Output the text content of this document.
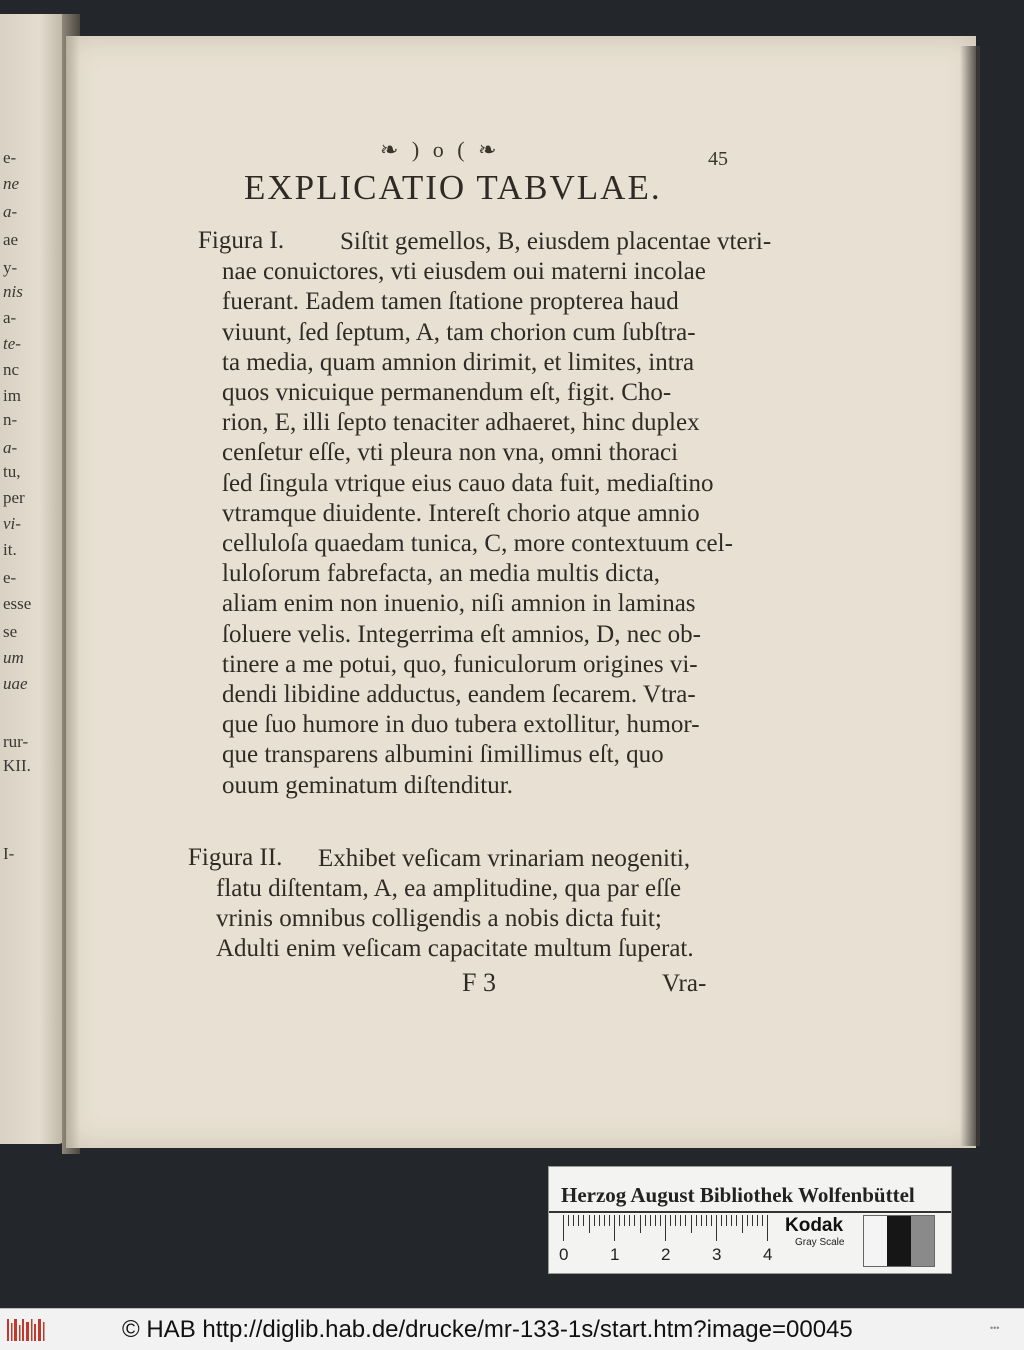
e-
ne
a-
ae
y-
nis
a-
te-
nc
im
n-
a-
tu,
per
vi-
it.
e-
esse
se
um
uae
rur-
KII.
I-
❧ ) o ( ❧	45
EXPLICATIO TABVLAE.
Figura I. Siſtit gemellos, B, eiusdem placentae vteri-
nae conuictores, vti eiusdem oui materni incolae
fuerant. Eadem tamen ſtatione propterea haud
viuunt, ſed ſeptum, A, tam chorion cum ſubſtra-
ta media, quam amnion dirimit, et limites, intra
quos vnicuique permanendum eſt, figit. Cho-
rion, E, illi ſepto tenaciter adhaeret, hinc duplex
cenſetur eſſe, vti pleura non vna, omni thoraci
ſed ſingula vtrique eius cauo data fuit, mediaſtino
vtramque diuidente. Intereſt chorio atque amnio
celluloſa quaedam tunica, C, more contextuum cel-
luloſorum fabrefacta, an media multis dicta,
aliam enim non inuenio, niſi amnion in laminas
ſoluere velis. Integerrima eſt amnios, D, nec ob-
tinere a me potui, quo, funiculorum origines vi-
dendi libidine adductus, eandem ſecarem. Vtra-
que ſuo humore in duo tubera extollitur, humor-
que transparens albumini ſimillimus eſt, quo
ouum geminatum diſtenditur.
Figura II. Exhibet veſicam vrinariam neogeniti,
flatu diſtentam, A, ea amplitudine, qua par eſſe
vrinis omnibus colligendis a nobis dicta fuit;
Adulti enim veſicam capacitate multum ſuperat.
F 3	Vra-
Herzog August Bibliothek Wolfenbüttel
0 1 2 3 4
Kodak
Gray Scale
© HAB http://diglib.hab.de/drucke/mr-133-1s/start.htm?image=00045	•••
